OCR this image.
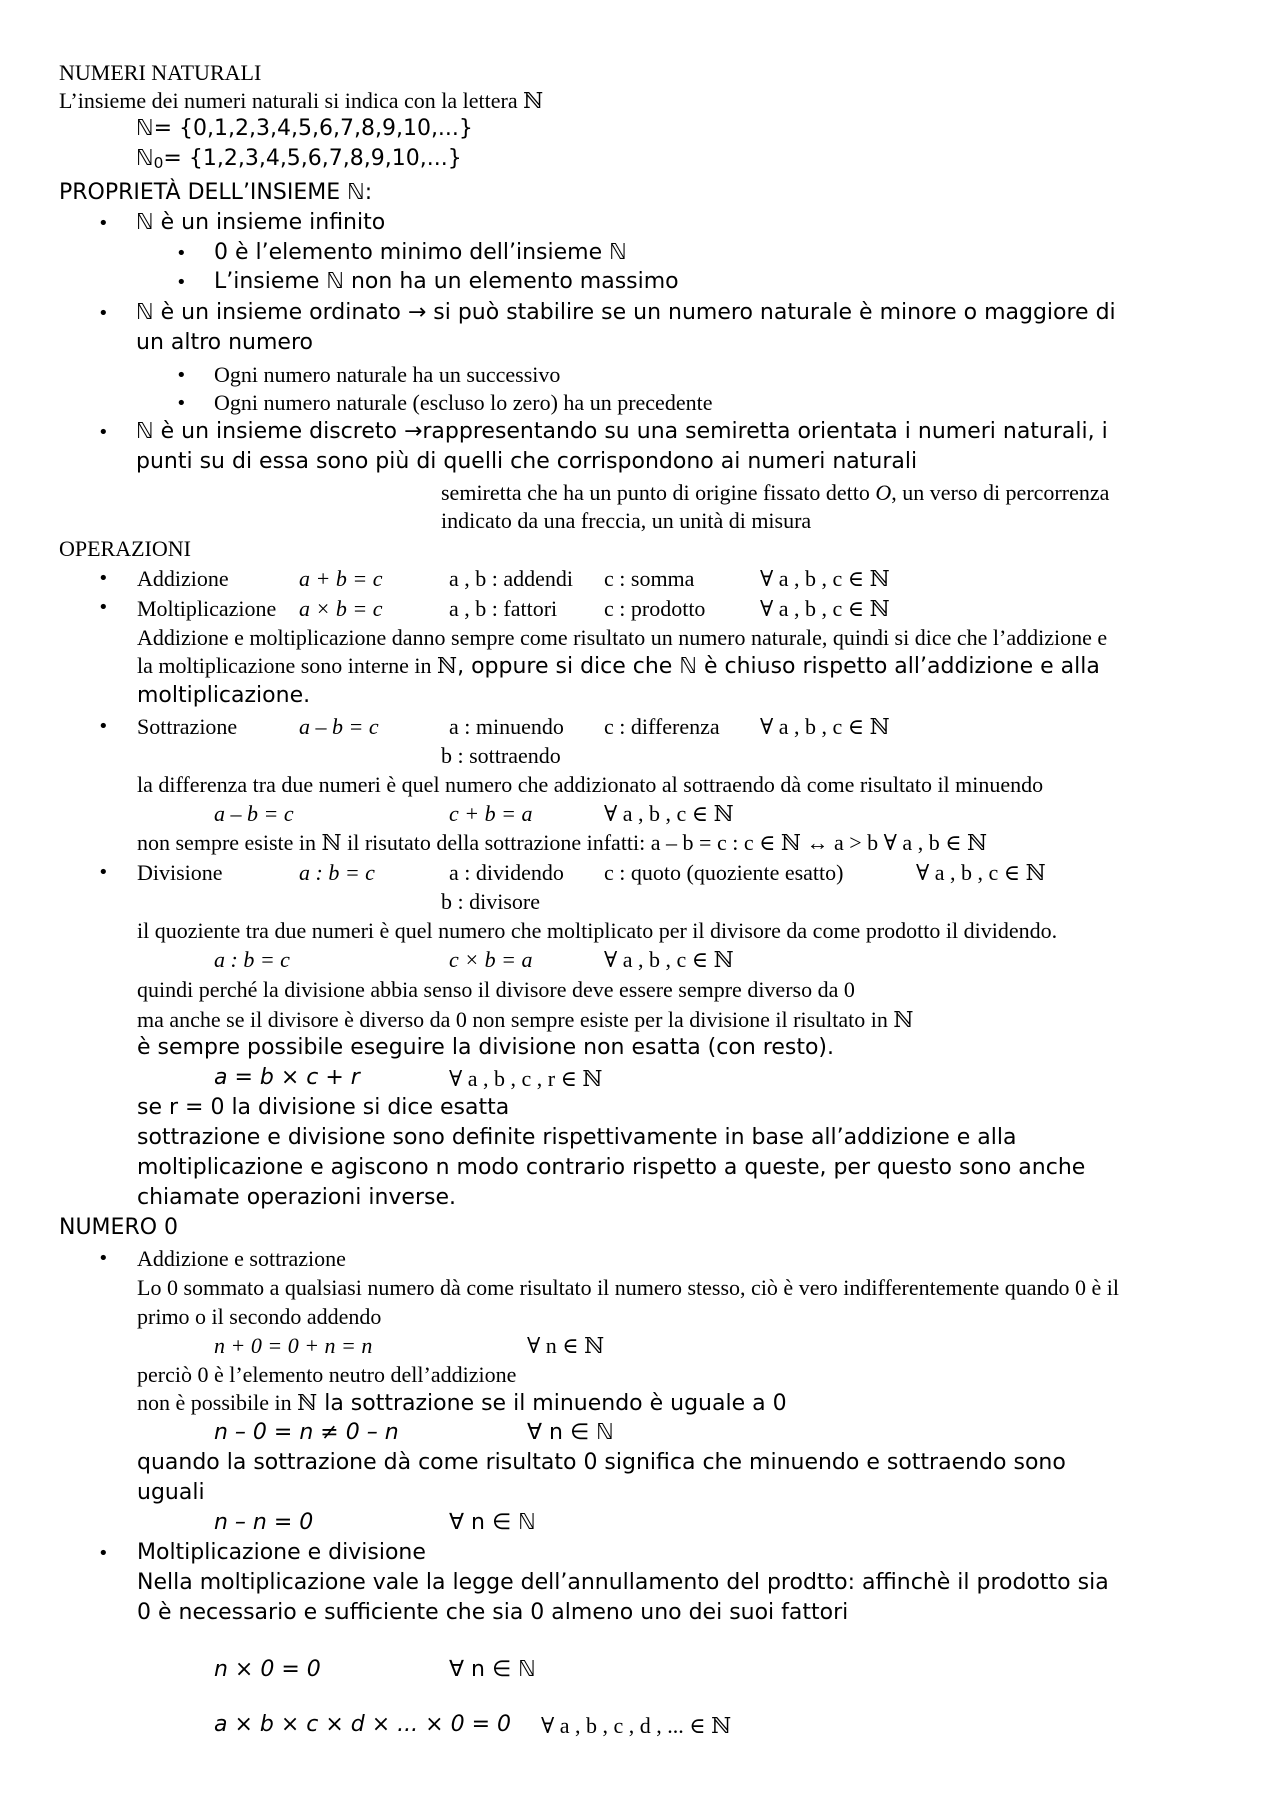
NUMERI NATURALI
L’insieme dei numeri naturali si indica con la lettera ℕ
ℕ= {0,1,2,3,4,5,6,7,8,9,10,...}
ℕ$_0$= {1,2,3,4,5,6,7,8,9,10,...}
PROPRIETÀ DELL’INSIEME ℕ:
• ℕ è un insieme infinito
• 0 è l’elemento minimo dell’insieme ℕ
• L’insieme ℕ non ha un elemento massimo
• ℕ è un insieme ordinato → si può stabilire se un numero naturale è minore o maggiore di
un altro numero
• Ogni numero naturale ha un successivo
• Ogni numero naturale (escluso lo zero) ha un precedente
• ℕ è un insieme discreto →rappresentando su una semiretta orientata i numeri naturali, i
punti su di essa sono più di quelli che corrispondono ai numeri naturali
semiretta che ha un punto di origine fissato detto O, un verso di percorrenza
indicato da una freccia, un unità di misura
OPERAZIONI
• Addizione	a + b = c	a , b : addendi c : somma	∀ a , b , c ∈ ℕ
• Moltiplicazione a × b = c	a , b : fattori c : prodotto ∀ a , b , c ∈ ℕ
Addizione e moltiplicazione danno sempre come risultato un numero naturale, quindi si dice che l’addizione e
la moltiplicazione sono interne in ℕ, oppure si dice che ℕ è chiuso rispetto all’addizione e alla
moltiplicazione.
• Sottrazione	a – b = c	a : minuendo c : differenza ∀ a , b , c ∈ ℕ
b : sottraendo
la differenza tra due numeri è quel numero che addizionato al sottraendo dà come risultato il minuendo
a – b = c	c + b = a	∀ a , b , c ∈ ℕ
non sempre esiste in ℕ il risutato della sottrazione infatti: a – b = c : c ∈ ℕ ↔ a > b ∀ a , b ∈ ℕ
• Divisione	a : b = c	a : dividendo c : quoto (quoziente esatto)	∀ a , b , c ∈ ℕ
b : divisore
il quoziente tra due numeri è quel numero che moltiplicato per il divisore da come prodotto il dividendo.
a : b = c	c × b = a	∀ a , b , c ∈ ℕ
quindi perché la divisione abbia senso il divisore deve essere sempre diverso da 0
ma anche se il divisore è diverso da 0 non sempre esiste per la divisione il risultato in ℕ
è sempre possibile eseguire la divisione non esatta (con resto).
a = b × c + r	∀ a , b , c , r ∈ ℕ
se r = 0 la divisione si dice esatta
sottrazione e divisione sono definite rispettivamente in base all’addizione e alla
moltiplicazione e agiscono n modo contrario rispetto a queste, per questo sono anche
chiamate operazioni inverse.
NUMERO 0
• Addizione e sottrazione
Lo 0 sommato a qualsiasi numero dà come risultato il numero stesso, ciò è vero indifferentemente quando 0 è il
primo o il secondo addendo
n + 0 = 0 + n = n	∀ n ∈ ℕ
perciò 0 è l’elemento neutro dell’addizione
non è possibile in ℕ la sottrazione se il minuendo è uguale a 0
n – 0 = n ≠ 0 – n	∀ n ∈ ℕ
quando la sottrazione dà come risultato 0 significa che minuendo e sottraendo sono
uguali
n – n = 0	∀ n ∈ ℕ
• Moltiplicazione e divisione
Nella moltiplicazione vale la legge dell’annullamento del prodtto: affinchè il prodotto sia
0 è necessario e sufficiente che sia 0 almeno uno dei suoi fattori
n × 0 = 0	∀ n ∈ ℕ
a × b × c × d × ... × 0 = 0 ∀ a , b , c , d , ... ∈ ℕ
